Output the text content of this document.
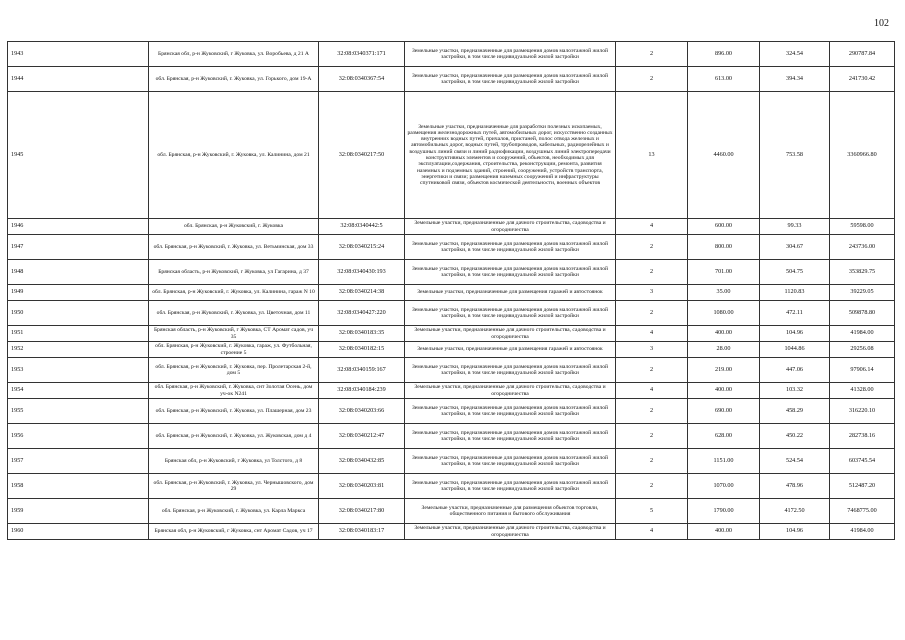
102
1943	Брянская обл, р-н Жуковский, г Жуковка, ул. Воробьева, д 21 А	32:08:0340371:171	Земельные участки, предназначенные для размещения домов малоэтажной жилой застройки, в том числе индивидуальной жилой застройки	2	896.00	324.54	290787.84
1944	обл. Брянская, р-н Жуковский, г. Жуковка, ул. Горького, дом 19-А	32:08:0340367:54	Земельные участки, предназначенные для размещения домов малоэтажной жилой застройки, в том числе индивидуальной жилой застройки	2	613.00	394.34	241730.42
1945	обл. Брянская, р-н Жуковский, г. Жуковка, ул. Калинина, дом 21	32:08:0340217:50	Земельные участки, предназначенные для разработки полезных ископаемых, размещения железнодорожных путей, автомобильных дорог, искусственно созданных внутренних водных путей, причалов, пристаней, полос отвода железных и автомобильных дорог, водных путей, трубопроводов, кабельных, радиорелейных и воздушных линий связи и линий радиофикации, воздушных линий электропередачи конструктивных элементов и сооружений, объектов, необходимых для эксплуатации,содержания, строительства, реконструкции, ремонта, развития наземных и подземных зданий, строений, сооружений, устройств транспорта, энергетики и связи; размещения наземных сооружений и инфраструктуры спутниковой связи, объектов космической деятельности, военных объектов	13	4460.00	753.58	3360966.80
1946	обл. Брянская, р-н Жуковский, г. Жуковка	32:08:0340442:5	Земельные участки, предназначенные для дачного строительства, садоводства и огородничества	4	600.00	99.33	59598.00
1947	обл. Брянская, р-н Жуковский, г. Жуковка, ул. Ветьминская, дом 33	32:08:0340215:24	Земельные участки, предназначенные для размещения домов малоэтажной жилой застройки, в том числе индивидуальной жилой застройки	2	800.00	304.67	243736.00
1948	Брянская область, р-н Жуковский, г Жуковка, ул Гагарина, д 37	32:08:0340430:193	Земельные участки, предназначенные для размещения домов малоэтажной жилой застройки, в том числе индивидуальной жилой застройки	2	701.00	504.75	353829.75
1949	обл. Брянская, р-н Жуковский, г. Жуковка, ул. Калинина, гараж N 10	32:08:0340214:38	Земельные участки, предназначенные для размещения гаражей и автостоянок	3	35.00	1120.83	39229.05
1950	обл. Брянская, р-н Жуковский, г. Жуковка, ул. Цветочная, дом 11	32:08:0340427:220	Земельные участки, предназначенные для размещения домов малоэтажной жилой застройки, в том числе индивидуальной жилой застройки	2	1080.00	472.11	509878.80
1951	Брянская область, р-н Жуковский, г Жуковка, СТ Аромат садов, уч 35	32:08:0340183:35	Земельные участки, предназначенные для дачного строительства, садоводства и огородничества	4	400.00	104.96	41984.00
1952	обл. Брянская, р-н Жуковский, г. Жуковка, гараж, ул. Футбольная, строение 5	32:08:0340182:15	Земельные участки, предназначенные для размещения гаражей и автостоянок	3	28.00	1044.86	29256.08
1953	обл. Брянская, р-н Жуковский, г. Жуковка, пер. Пролетарская 2-й, дом 5	32:08:0340159:167	Земельные участки, предназначенные для размещения домов малоэтажной жилой застройки, в том числе индивидуальной жилой застройки	2	219.00	447.06	97906.14
1954	обл. Брянская, р-н Жуковский, г. Жуковка, снт Золотая Осень, дом уч-ок N241	32:08:0340184:239	Земельные участки, предназначенные для дачного строительства, садоводства и огородничества	4	400.00	103.32	41328.00
1955	обл. Брянская, р-н Жуковский, г. Жуковка, ул. Плашерная, дом 23	32:08:0340203:66	Земельные участки, предназначенные для размещения домов малоэтажной жилой застройки, в том числе индивидуальной жилой застройки	2	690.00	458.29	316220.10
1956	обл. Брянская, р-н Жуковский, г. Жуковка, ул. Жуковская, дом д 4	32:08:0340212:47	Земельные участки, предназначенные для размещения домов малоэтажной жилой застройки, в том числе индивидуальной жилой застройки	2	628.00	450.22	282738.16
1957	Брянская обл, р-н Жуковский, г Жуковка, ул Толстого, д 8	32:08:0340432:85	Земельные участки, предназначенные для размещения домов малоэтажной жилой застройки, в том числе индивидуальной жилой застройки	2	1151.00	524.54	603745.54
1958	обл. Брянская, р-н Жуковский, г. Жуковка, ул. Чернышовского, дом 29	32:08:0340203:81	Земельные участки, предназначенные для размещения домов малоэтажной жилой застройки, в том числе индивидуальной жилой застройки	2	1070.00	478.96	512487.20
1959	обл. Брянская, р-н Жуковский, г. Жуковка, ул. Карла Маркса	32:08:0340217:80	Земельные участки, предназначенные для размещения объектов торговли, общественного питания и бытового обслуживания	5	1790.00	4172.50	7468775.00
1960	Брянская обл, р-н Жуковский, г Жуковка, снт Аромат Садов, уч 17	32:08:0340183:17	Земельные участки, предназначенные для дачного строительства, садоводства и огородничества	4	400.00	104.96	41984.00
